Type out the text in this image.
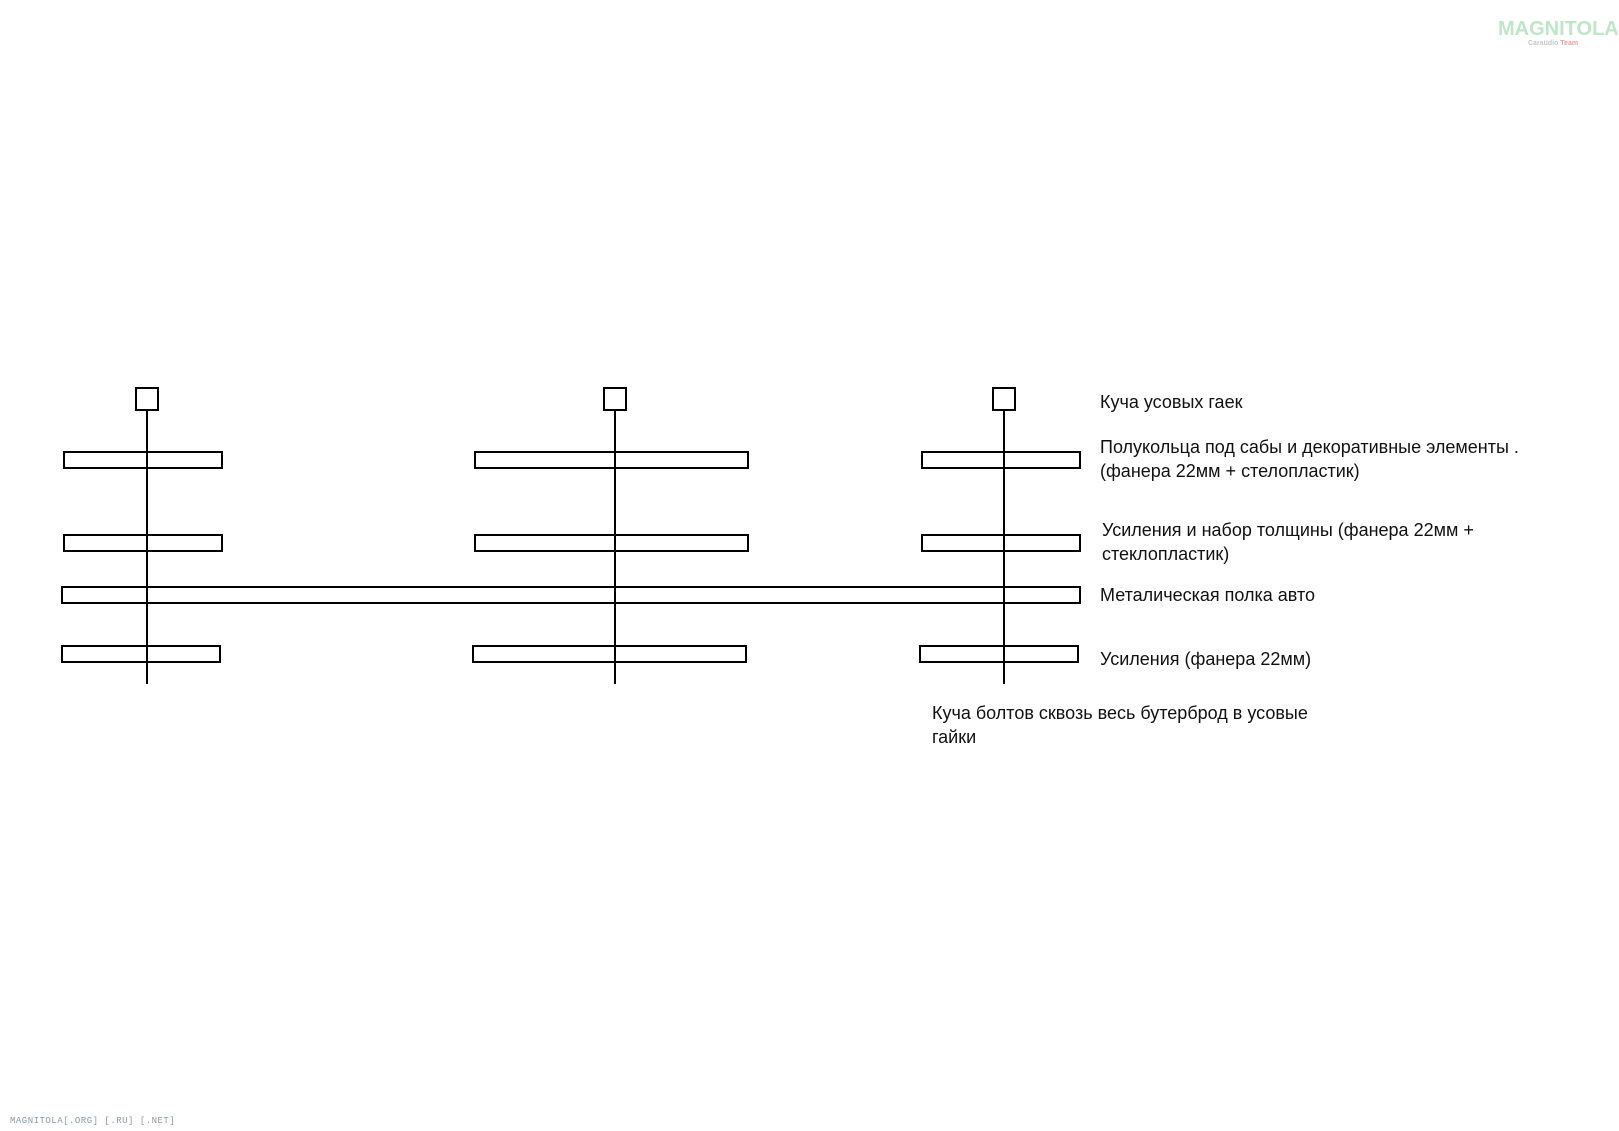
Куча усовых гаек
Полукольца под сабы и декоративные элементы .
(фанера 22мм + стелопластик)
Усиления и набор толщины (фанера 22мм +
стеклопластик)
Металическая полка авто
Усиления (фанера 22мм)
Куча болтов сквозь весь бутерброд в усовые
гайки
MAGNITOLA
Caraudio Team
MAGNITOLA[.ORG] [.RU] [.NET]
